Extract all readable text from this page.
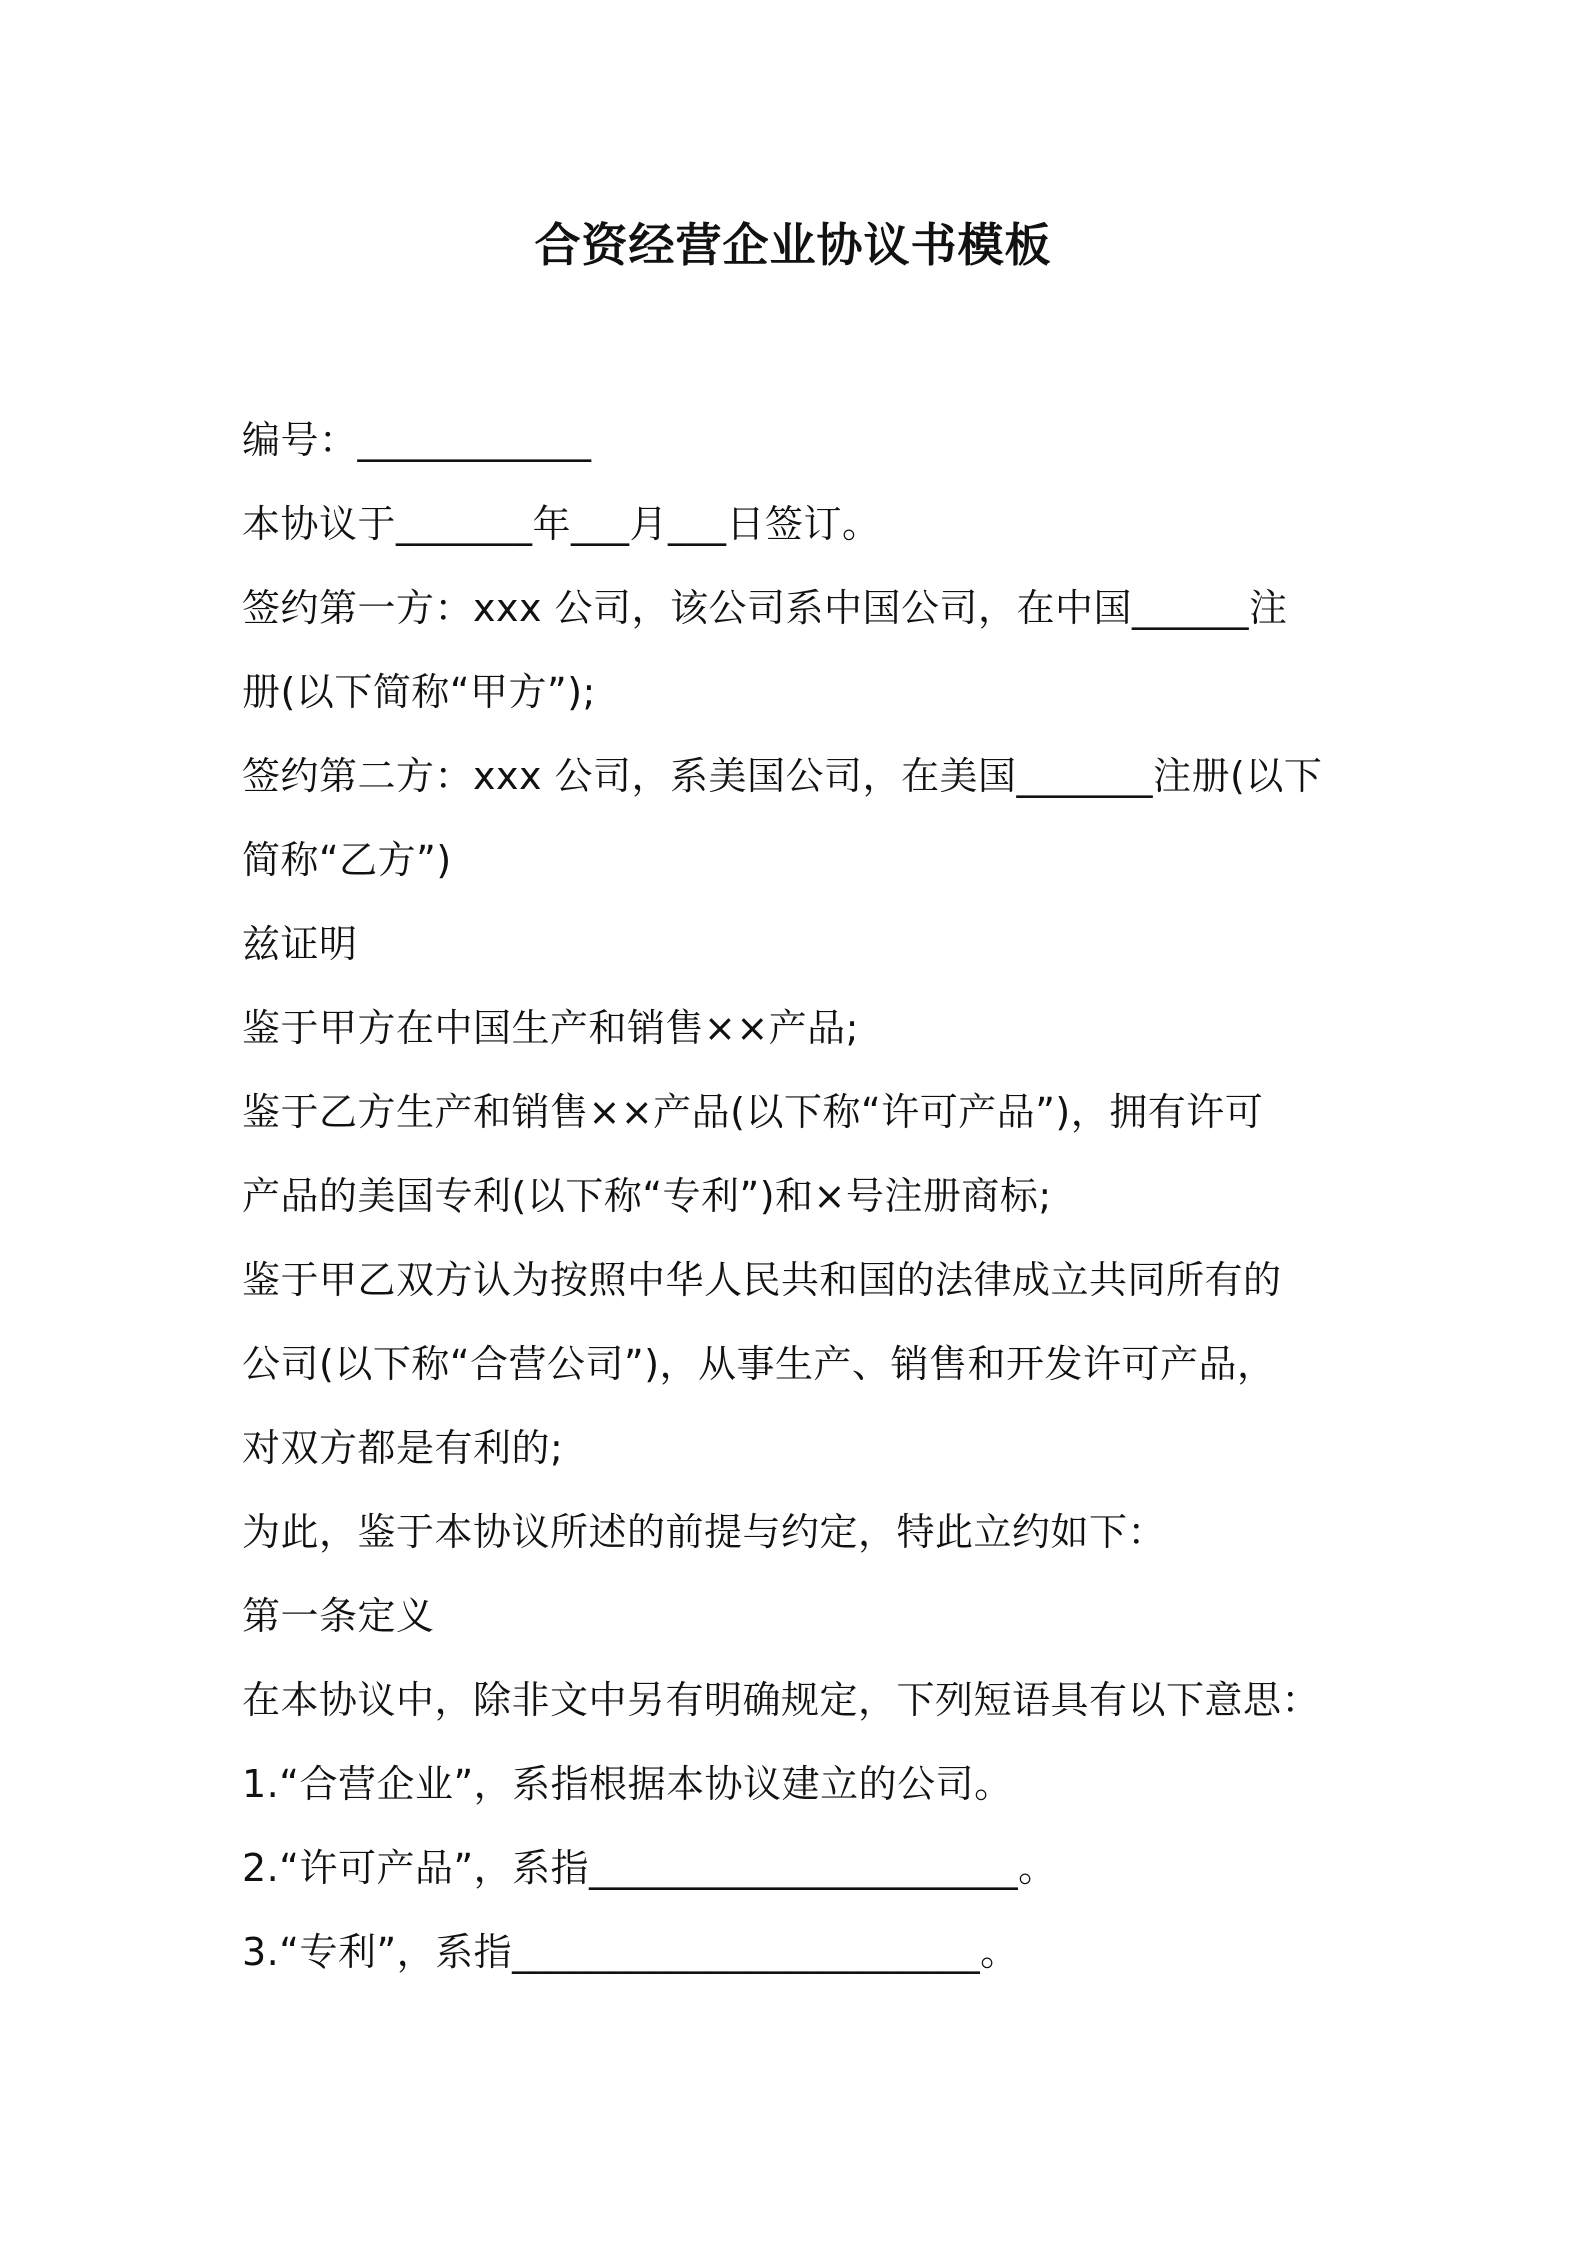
合资经营企业协议书模板

编号：____________

本协议于_______年___月___日签订。

签约第一方：xxx 公司，该公司系中国公司，在中国______注

册(以下简称“甲方”);

签约第二方：xxx 公司，系美国公司，在美国_______注册(以下

简称“乙方”)

兹证明

鉴于甲方在中国生产和销售××产品;

鉴于乙方生产和销售××产品(以下称“许可产品”)，拥有许可

产品的美国专利(以下称“专利”)和×号注册商标;

鉴于甲乙双方认为按照中华人民共和国的法律成立共同所有的

公司(以下称“合营公司”)，从事生产、销售和开发许可产品，

对双方都是有利的;

为此，鉴于本协议所述的前提与约定，特此立约如下：

第一条定义

在本协议中，除非文中另有明确规定，下列短语具有以下意思：

1.“合营企业”，系指根据本协议建立的公司。

2.“许可产品”，系指______________________。

3.“专利”，系指________________________。
